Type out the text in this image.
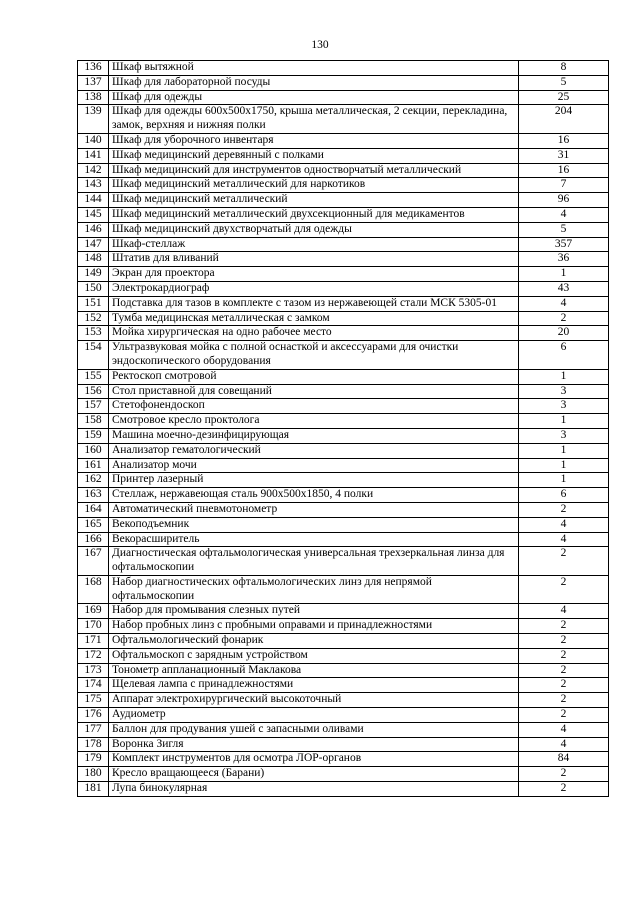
130
136	Шкаф вытяжной	8
137	Шкаф для лабораторной посуды	5
138	Шкаф для одежды	25
139	Шкаф для одежды 600х500х1750, крыша металлическая, 2 секции, перекладина, замок, верхняя и нижняя полки	204
140	Шкаф для уборочного инвентаря	16
141	Шкаф медицинский деревянный с полками	31
142	Шкаф медицинский для инструментов одностворчатый металлический	16
143	Шкаф медицинский металлический для наркотиков	7
144	Шкаф медицинский металлический	96
145	Шкаф медицинский металлический двухсекционный для медикаментов	4
146	Шкаф медицинский двухстворчатый для одежды	5
147	Шкаф-стеллаж	357
148	Штатив для вливаний	36
149	Экран для проектора	1
150	Электрокардиограф	43
151	Подставка для тазов в комплекте с тазом из нержавеющей стали МСК 5305-01	4
152	Тумба медицинская металлическая с замком	2
153	Мойка хирургическая на одно рабочее место	20
154	Ультразвуковая мойка с полной оснасткой и аксессуарами для очистки эндоскопического оборудования	6
155	Ректоскоп смотровой	1
156	Стол приставной для совещаний	3
157	Стетофонендоскоп	3
158	Смотровое кресло проктолога	1
159	Машина моечно-дезинфицирующая	3
160	Анализатор гематологический	1
161	Анализатор мочи	1
162	Принтер лазерный	1
163	Стеллаж, нержавеющая сталь 900х500х1850, 4 полки	6
164	Автоматический пневмотонометр	2
165	Векоподъемник	4
166	Векорасширитель	4
167	Диагностическая офтальмологическая универсальная трехзеркальная линза для офтальмоскопии	2
168	Набор диагностических офтальмологических линз для непрямой офтальмоскопии	2
169	Набор для промывания слезных путей	4
170	Набор пробных линз с пробными оправами и принадлежностями	2
171	Офтальмологический фонарик	2
172	Офтальмоскоп с зарядным устройством	2
173	Тонометр аппланационный Маклакова	2
174	Щелевая лампа с принадлежностями	2
175	Аппарат электрохирургический высокоточный	2
176	Аудиометр	2
177	Баллон для продувания ушей с запасными оливами	4
178	Воронка Зигля	4
179	Комплект инструментов для осмотра ЛОР-органов	84
180	Кресло вращающееся (Барани)	2
181	Лупа бинокулярная	2
